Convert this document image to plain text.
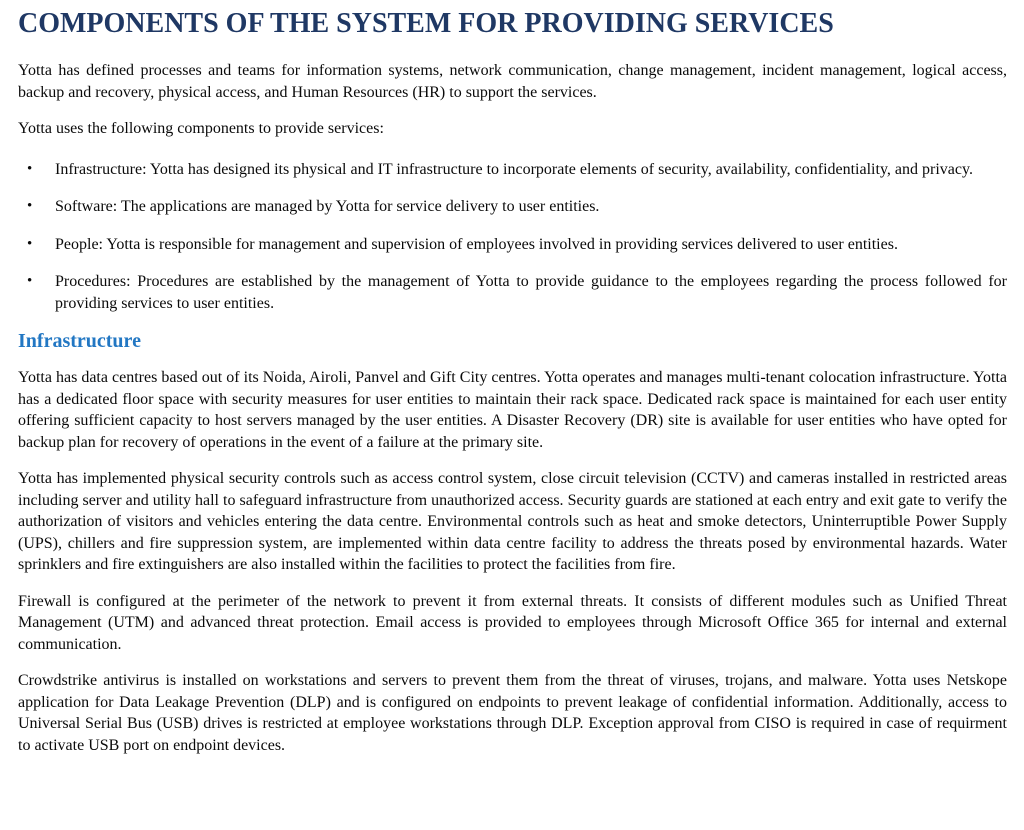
COMPONENTS OF THE SYSTEM FOR PROVIDING SERVICES

Yotta has defined processes and teams for information systems, network communication, change management, incident management, logical access, backup and recovery, physical access, and Human Resources (HR) to support the services.

Yotta uses the following components to provide services:

•	Infrastructure: Yotta has designed its physical and IT infrastructure to incorporate elements of security, availability, confidentiality, and privacy.
•	Software: The applications are managed by Yotta for service delivery to user entities.
•	People: Yotta is responsible for management and supervision of employees involved in providing services delivered to user entities.
•	Procedures: Procedures are established by the management of Yotta to provide guidance to the employees regarding the process followed for providing services to user entities.
Infrastructure

Yotta has data centres based out of its Noida, Airoli, Panvel and Gift City centres. Yotta operates and manages multi-tenant colocation infrastructure. Yotta has a dedicated floor space with security measures for user entities to maintain their rack space. Dedicated rack space is maintained for each user entity offering sufficient capacity to host servers managed by the user entities. A Disaster Recovery (DR) site is available for user entities who have opted for backup plan for recovery of operations in the event of a failure at the primary site.

Yotta has implemented physical security controls such as access control system, close circuit television (CCTV) and cameras installed in restricted areas including server and utility hall to safeguard infrastructure from unauthorized access. Security guards are stationed at each entry and exit gate to verify the authorization of visitors and vehicles entering the data centre. Environmental controls such as heat and smoke detectors, Uninterruptible Power Supply (UPS), chillers and fire suppression system, are implemented within data centre facility to address the threats posed by environmental hazards. Water sprinklers and fire extinguishers are also installed within the facilities to protect the facilities from fire.

Firewall is configured at the perimeter of the network to prevent it from external threats. It consists of different modules such as Unified Threat Management (UTM) and advanced threat protection. Email access is provided to employees through Microsoft Office 365 for internal and external communication.

Crowdstrike antivirus is installed on workstations and servers to prevent them from the threat of viruses, trojans, and malware. Yotta uses Netskope application for Data Leakage Prevention (DLP) and is configured on endpoints to prevent leakage of confidential information. Additionally, access to Universal Serial Bus (USB) drives is restricted at employee workstations through DLP. Exception approval from CISO is required in case of requirment to activate USB port on endpoint devices.
